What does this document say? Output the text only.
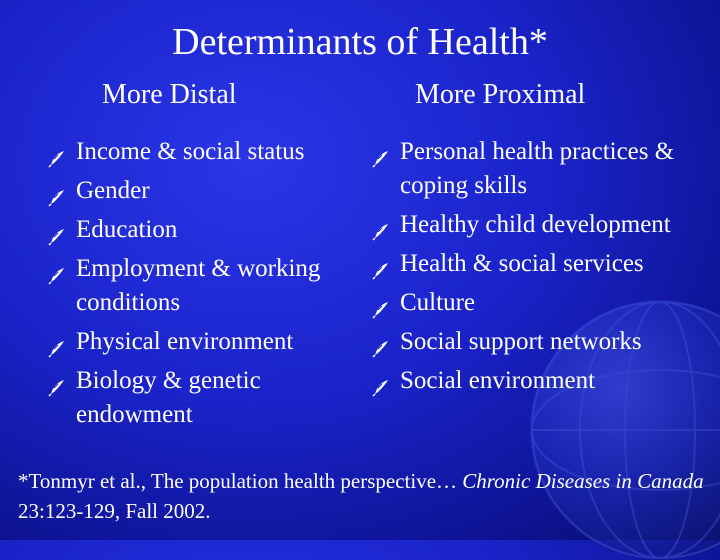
Determinants of Health*
More Distal	More Proximal
Income & social status
Gender
Education
Employment & working conditions
Physical environment
Biology & genetic endowment
Personal health practices & coping skills
Healthy child development
Health & social services
Culture
Social support networks
Social environment
*Tonmyr et al., The population health perspective… Chronic Diseases in Canada 23:123-129, Fall 2002.
